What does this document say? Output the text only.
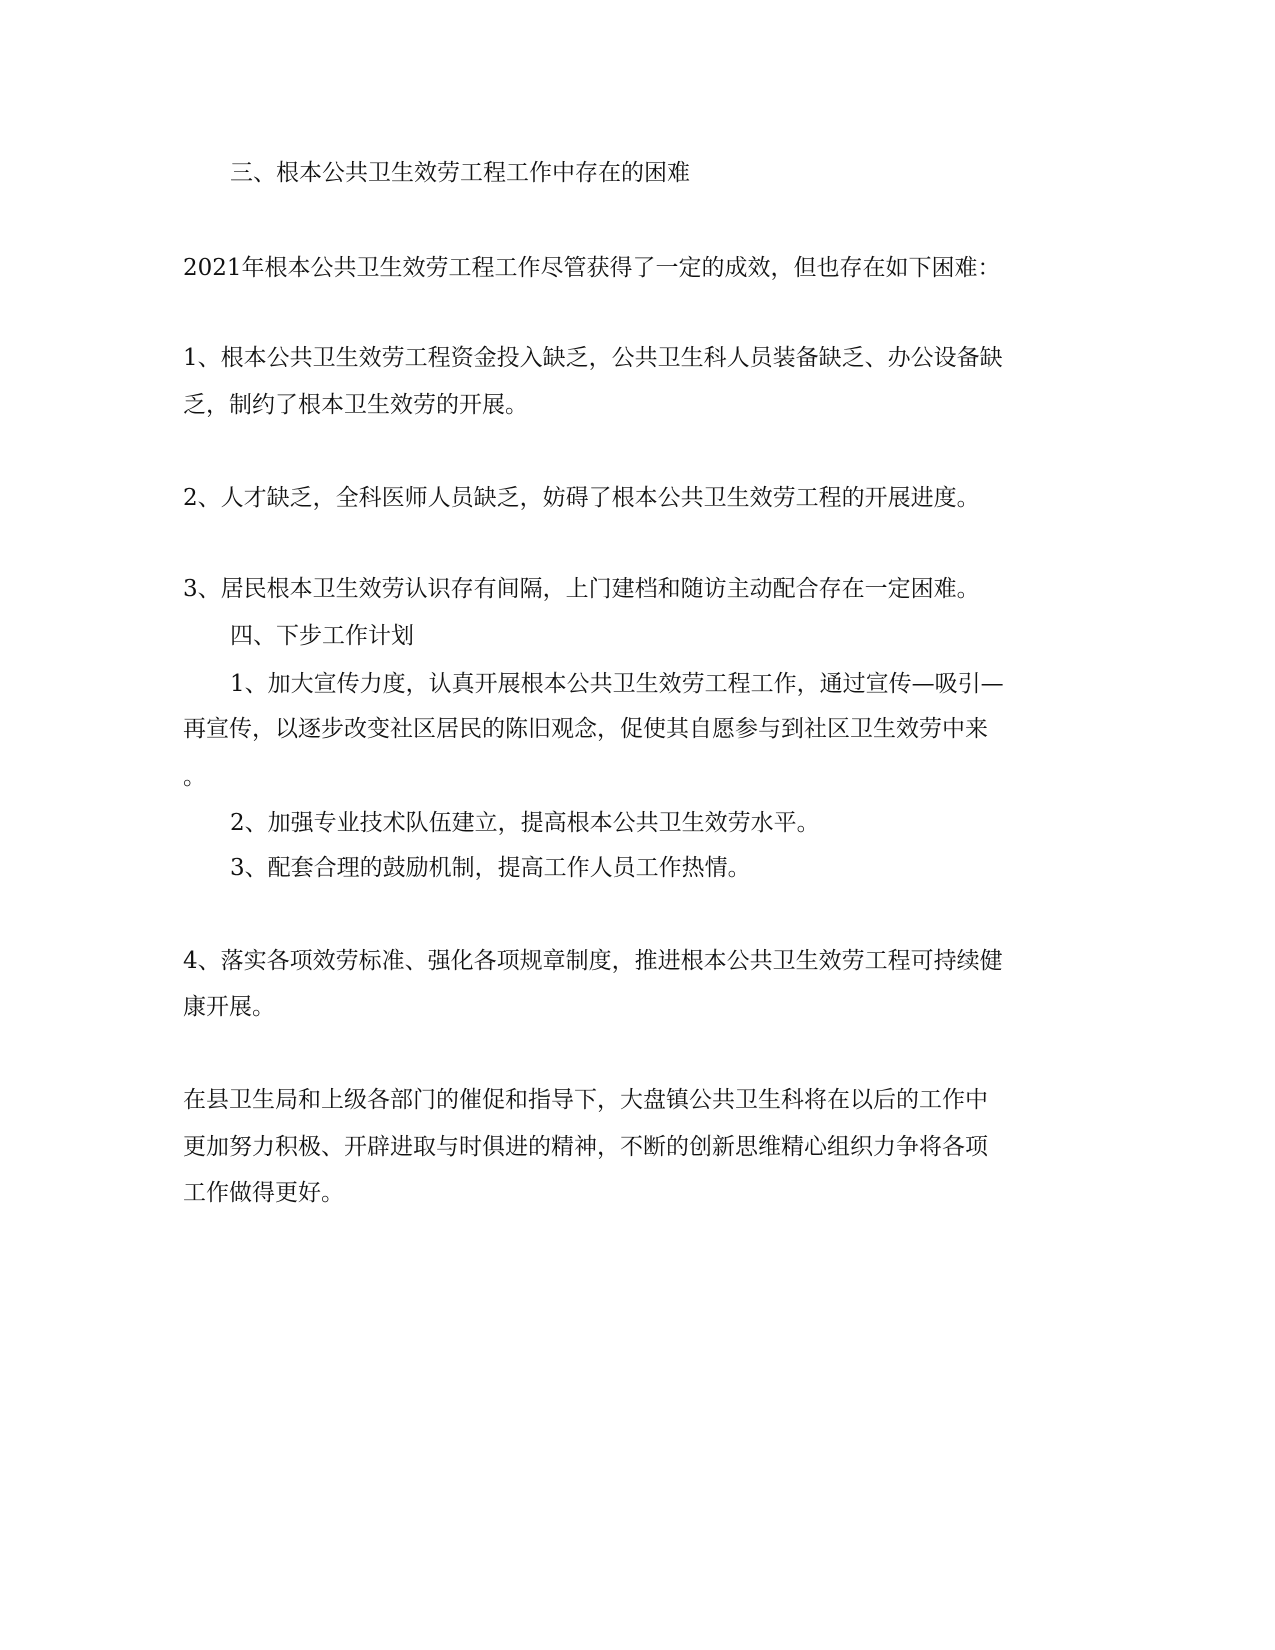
三、根本公共卫生效劳工程工作中存在的困难
2021年根本公共卫生效劳工程工作尽管获得了一定的成效，但也存在如下困难：
1、根本公共卫生效劳工程资金投入缺乏，公共卫生科人员装备缺乏、办公设备缺
乏，制约了根本卫生效劳的开展。
2、人才缺乏，全科医师人员缺乏，妨碍了根本公共卫生效劳工程的开展进度。
3、居民根本卫生效劳认识存有间隔，上门建档和随访主动配合存在一定困难。
四、下步工作计划
1、加大宣传力度，认真开展根本公共卫生效劳工程工作，通过宣传—吸引—
再宣传，以逐步改变社区居民的陈旧观念，促使其自愿参与到社区卫生效劳中来
。
2、加强专业技术队伍建立，提高根本公共卫生效劳水平。
3、配套合理的鼓励机制，提高工作人员工作热情。
4、落实各项效劳标准、强化各项规章制度，推进根本公共卫生效劳工程可持续健
康开展。
在县卫生局和上级各部门的催促和指导下，大盘镇公共卫生科将在以后的工作中
更加努力积极、开辟进取与时俱进的精神，不断的创新思维精心组织力争将各项
工作做得更好。
